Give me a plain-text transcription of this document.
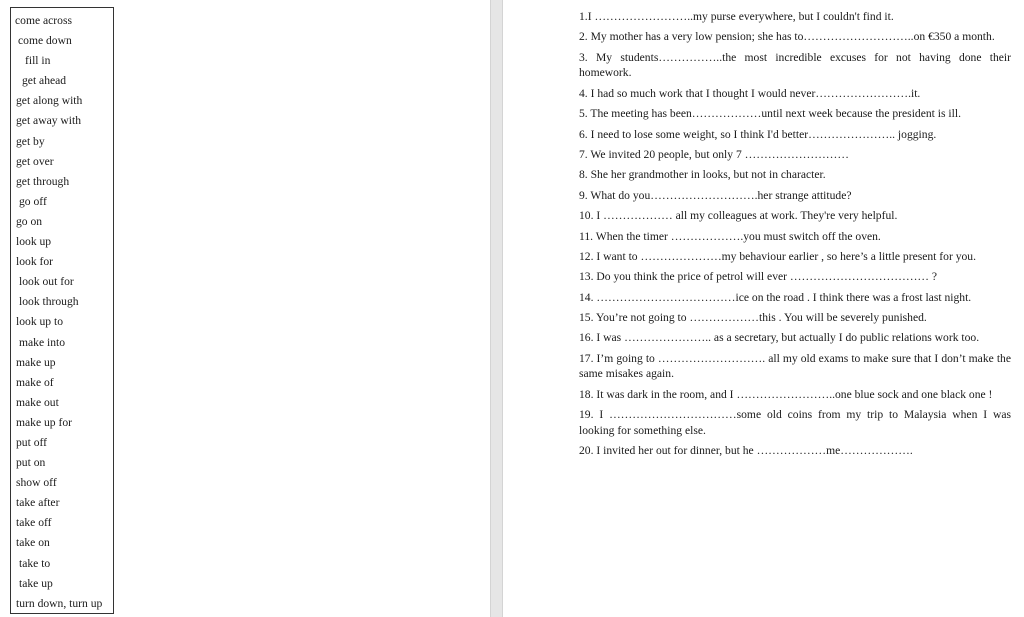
come across
come down
fill in
get ahead
get along with
get away with
get by
get over
get through
go off
go on
look up
look for
look out for
look through
look up to
make into
make up
make of
make out
make up for
put off
put on
show off
take after
take off
take on
take to
take up
turn down, turn up
1.I ……………………..my purse everywhere, but I couldn't find it.
2. My mother has a very low pension; she has to………………………..on €350 a month.
3. My students……………..the most incredible excuses for not having done their homework.
4. I had so much work that I thought I would never…………………….it.
5. The meeting has been………………until next week because the president is ill.
6. I need to lose some weight, so I think I'd better………………….. jogging.
7. We invited 20 people, but only 7 ………………………
8. She her grandmother in looks, but not in character.
9. What do you……………………….her strange attitude?
10. I ……………… all my colleagues at work. They're very helpful.
11. When the timer ……………….you must switch off the oven.
12. I want to …………………my behaviour earlier , so here’s a little present for you.
13. Do you think the price of petrol will ever ……………………………… ?
14. ………………………………ice on the road . I think there was a frost last night.
15. You’re not going to ………………this . You will be severely punished.
16. I was ………………….. as a secretary, but actually I do public relations work too.
17. I’m going to ………………………. all my old exams to make sure that I don’t make the same misakes again.
18. It was dark in the room, and I ……………………..one blue sock and one black one !
19. I ……………………………some old coins from my trip to Malaysia when I was looking for something else.
20. I invited her out for dinner, but he ………………me……………….
